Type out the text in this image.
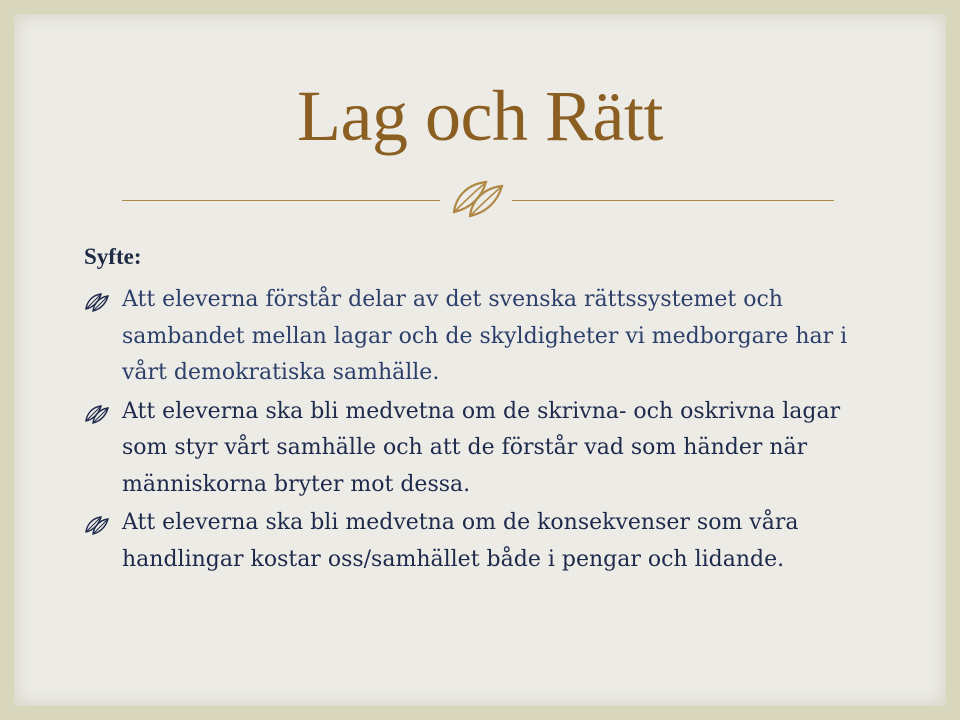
Lag och Rätt
Syfte:
Att eleverna förstår delar av det svenska rättssystemet och sambandet mellan lagar och de skyldigheter vi medborgare har i vårt demokratiska samhälle.
Att eleverna ska bli medvetna om de skrivna- och oskrivna lagar som styr vårt samhälle och att de förstår vad som händer när människorna bryter mot dessa.
Att eleverna ska bli medvetna om de konsekvenser som våra handlingar kostar oss/samhället både i pengar och lidande.
